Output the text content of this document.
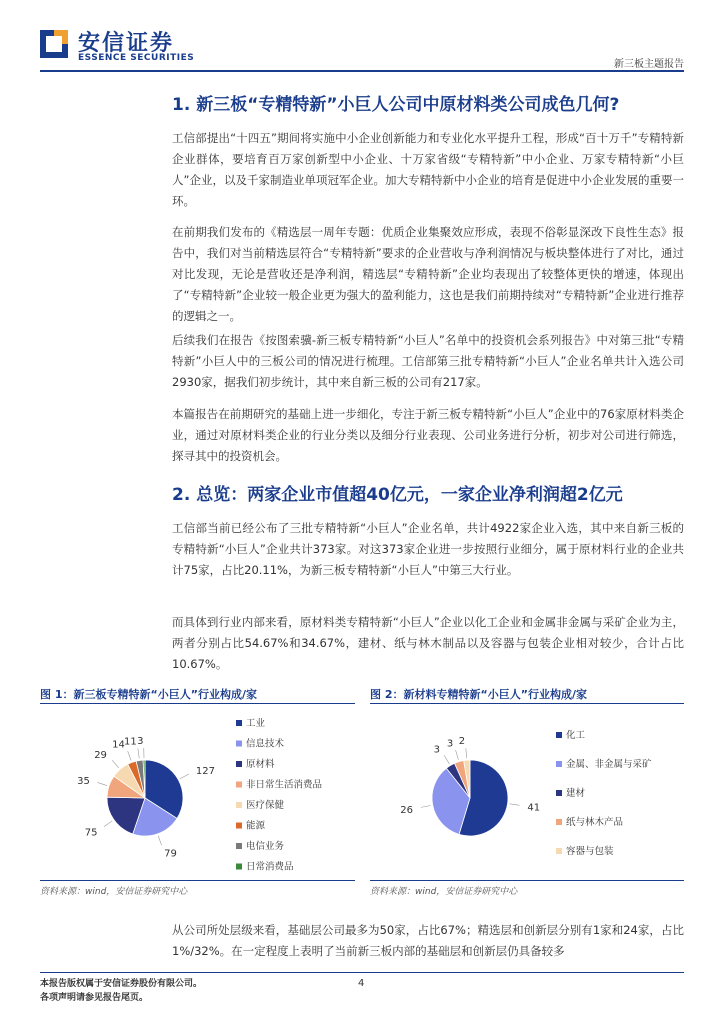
安信证券
ESSENCE SECURITIES
新三板主题报告
1. 新三板“专精特新”小巨人公司中原材料类公司成色几何?

工信部提出“十四五”期间将实施中小企业创新能力和专业化水平提升工程，形成“百十万千”专精特新企业群体，要培育百万家创新型中小企业、十万家省级“专精特新”中小企业、万家专精特新“小巨人”企业，以及千家制造业单项冠军企业。加大专精特新中小企业的培育是促进中小企业发展的重要一环。

在前期我们发布的《精选层一周年专题：优质企业集聚效应形成，表现不俗彰显深改下良性生态》报告中，我们对当前精选层符合“专精特新”要求的企业营收与净利润情况与板块整体进行了对比，通过对比发现，无论是营收还是净利润，精选层“专精特新”企业均表现出了较整体更快的增速，体现出了“专精特新”企业较一般企业更为强大的盈利能力，这也是我们前期持续对“专精特新”企业进行推荐的逻辑之一。

后续我们在报告《按图索骥-新三板专精特新“小巨人”名单中的投资机会系列报告》中对第三批“专精特新”小巨人中的三板公司的情况进行梳理。工信部第三批专精特新“小巨人”企业名单共计入选公司2930家，据我们初步统计，其中来自新三板的公司有217家。

本篇报告在前期研究的基础上进一步细化，专注于新三板专精特新“小巨人”企业中的76家原材料类企业，通过对原材料类企业的行业分类以及细分行业表现、公司业务进行分析，初步对公司进行筛选，探寻其中的投资机会。

2. 总览：两家企业市值超40亿元，一家企业净利润超2亿元

工信部当前已经公布了三批专精特新“小巨人”企业名单，共计4922家企业入选，其中来自新三板的专精特新“小巨人”企业共计373家。对这373家企业进一步按照行业细分，属于原材料行业的企业共计75家，占比20.11%，为新三板专精特新“小巨人”中第三大行业。

而具体到行业内部来看，原材料类专精特新“小巨人”企业以化工企业和金属非金属与采矿企业为主，两者分别占比54.67%和34.67%，建材、纸与林木制品以及容器与包装企业相对较少，合计占比10.67%。

图 1：新三板专精特新“小巨人”行业构成/家	图 2：新材料专精特新“小巨人”行业构成/家
127
79
75
35
29
14 11 3
工业
信息技术
原材料
非日常生活消费品
医疗保健
能源
电信业务
日常消费品
41
26
3
3 2
化工
金属、非金属与采矿
建材
纸与林木产品
容器与包装
资料来源：wind，安信证券研究中心	资料来源：wind，安信证券研究中心

从公司所处层级来看，基础层公司最多为50家，占比67%；精选层和创新层分别有1家和24家，占比1%/32%。在一定程度上表明了当前新三板内部的基础层和创新层仍具备较多

本报告版权属于安信证券股份有限公司。
各项声明请参见报告尾页。
4
